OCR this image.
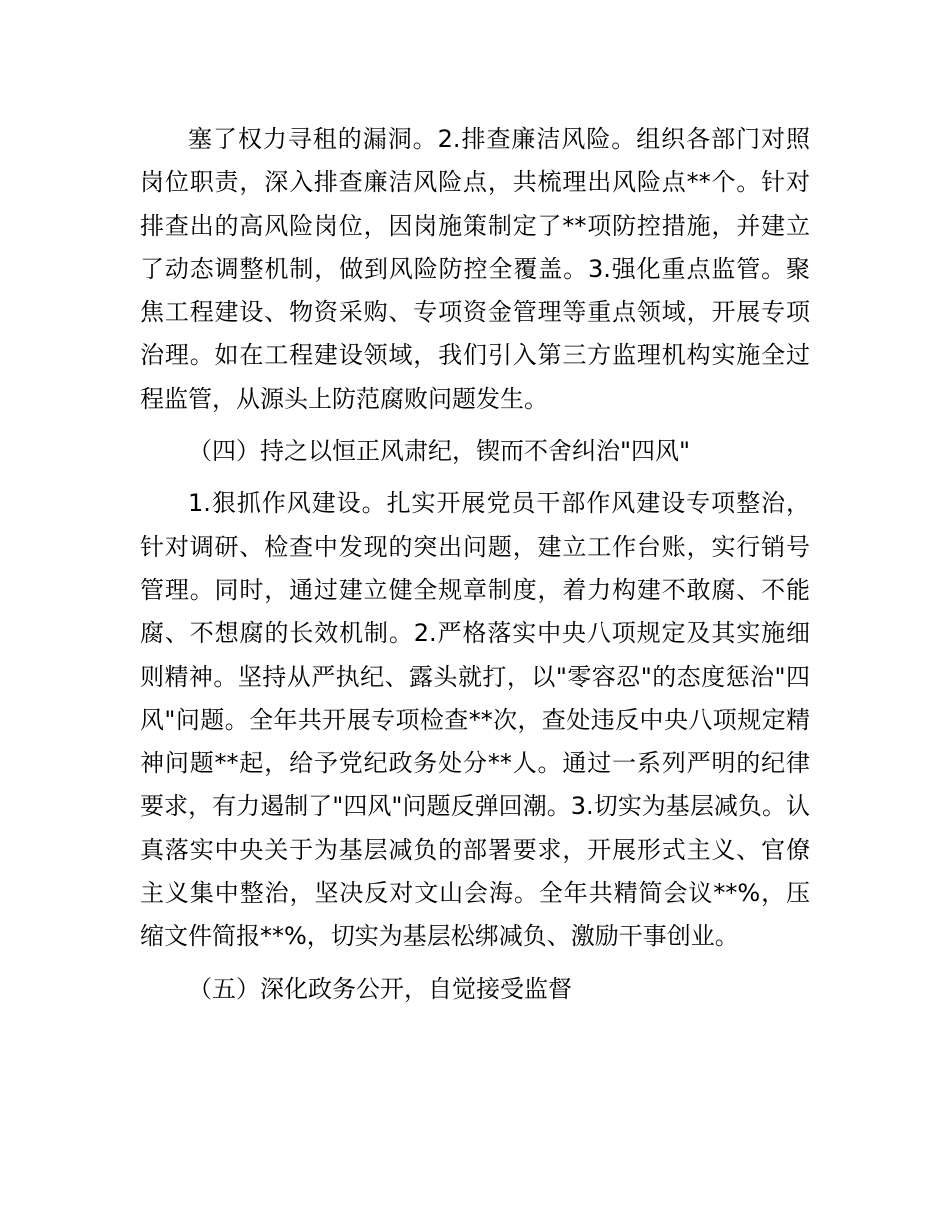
塞了权力寻租的漏洞。2.排查廉洁风险。组织各部门对照岗位职责，深入排查廉洁风险点，共梳理出风险点**个。针对排查出的高风险岗位，因岗施策制定了**项防控措施，并建立了动态调整机制，做到风险防控全覆盖。3.强化重点监管。聚焦工程建设、物资采购、专项资金管理等重点领域，开展专项治理。如在工程建设领域，我们引入第三方监理机构实施全过程监管，从源头上防范腐败问题发生。

（四）持之以恒正风肃纪，锲而不舍纠治"四风"

1.狠抓作风建设。扎实开展党员干部作风建设专项整治，针对调研、检查中发现的突出问题，建立工作台账，实行销号管理。同时，通过建立健全规章制度，着力构建不敢腐、不能腐、不想腐的长效机制。2.严格落实中央八项规定及其实施细则精神。坚持从严执纪、露头就打，以"零容忍"的态度惩治"四风"问题。全年共开展专项检查**次，查处违反中央八项规定精神问题**起，给予党纪政务处分**人。通过一系列严明的纪律要求，有力遏制了"四风"问题反弹回潮。3.切实为基层减负。认真落实中央关于为基层减负的部署要求，开展形式主义、官僚主义集中整治，坚决反对文山会海。全年共精简会议**%，压缩文件简报**%，切实为基层松绑减负、激励干事创业。

（五）深化政务公开，自觉接受监督
